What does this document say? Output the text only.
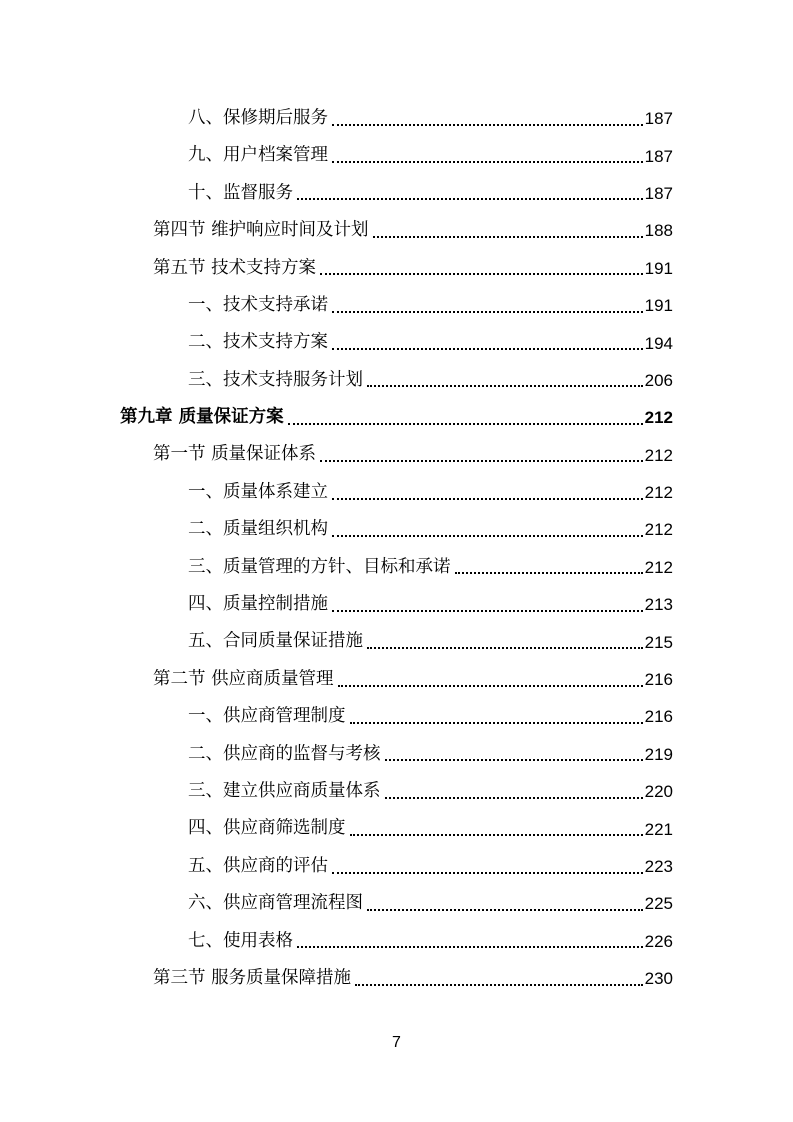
八、保修期后服务	187
九、用户档案管理	187
十、监督服务	187
第四节 维护响应时间及计划	188
第五节 技术支持方案	191
一、技术支持承诺	191
二、技术支持方案	194
三、技术支持服务计划	206
第九章 质量保证方案	212
第一节 质量保证体系	212
一、质量体系建立	212
二、质量组织机构	212
三、质量管理的方针、目标和承诺	212
四、质量控制措施	213
五、合同质量保证措施	215
第二节 供应商质量管理	216
一、供应商管理制度	216
二、供应商的监督与考核	219
三、建立供应商质量体系	220
四、供应商筛选制度	221
五、供应商的评估	223
六、供应商管理流程图	225
七、使用表格	226
第三节 服务质量保障措施	230
7
